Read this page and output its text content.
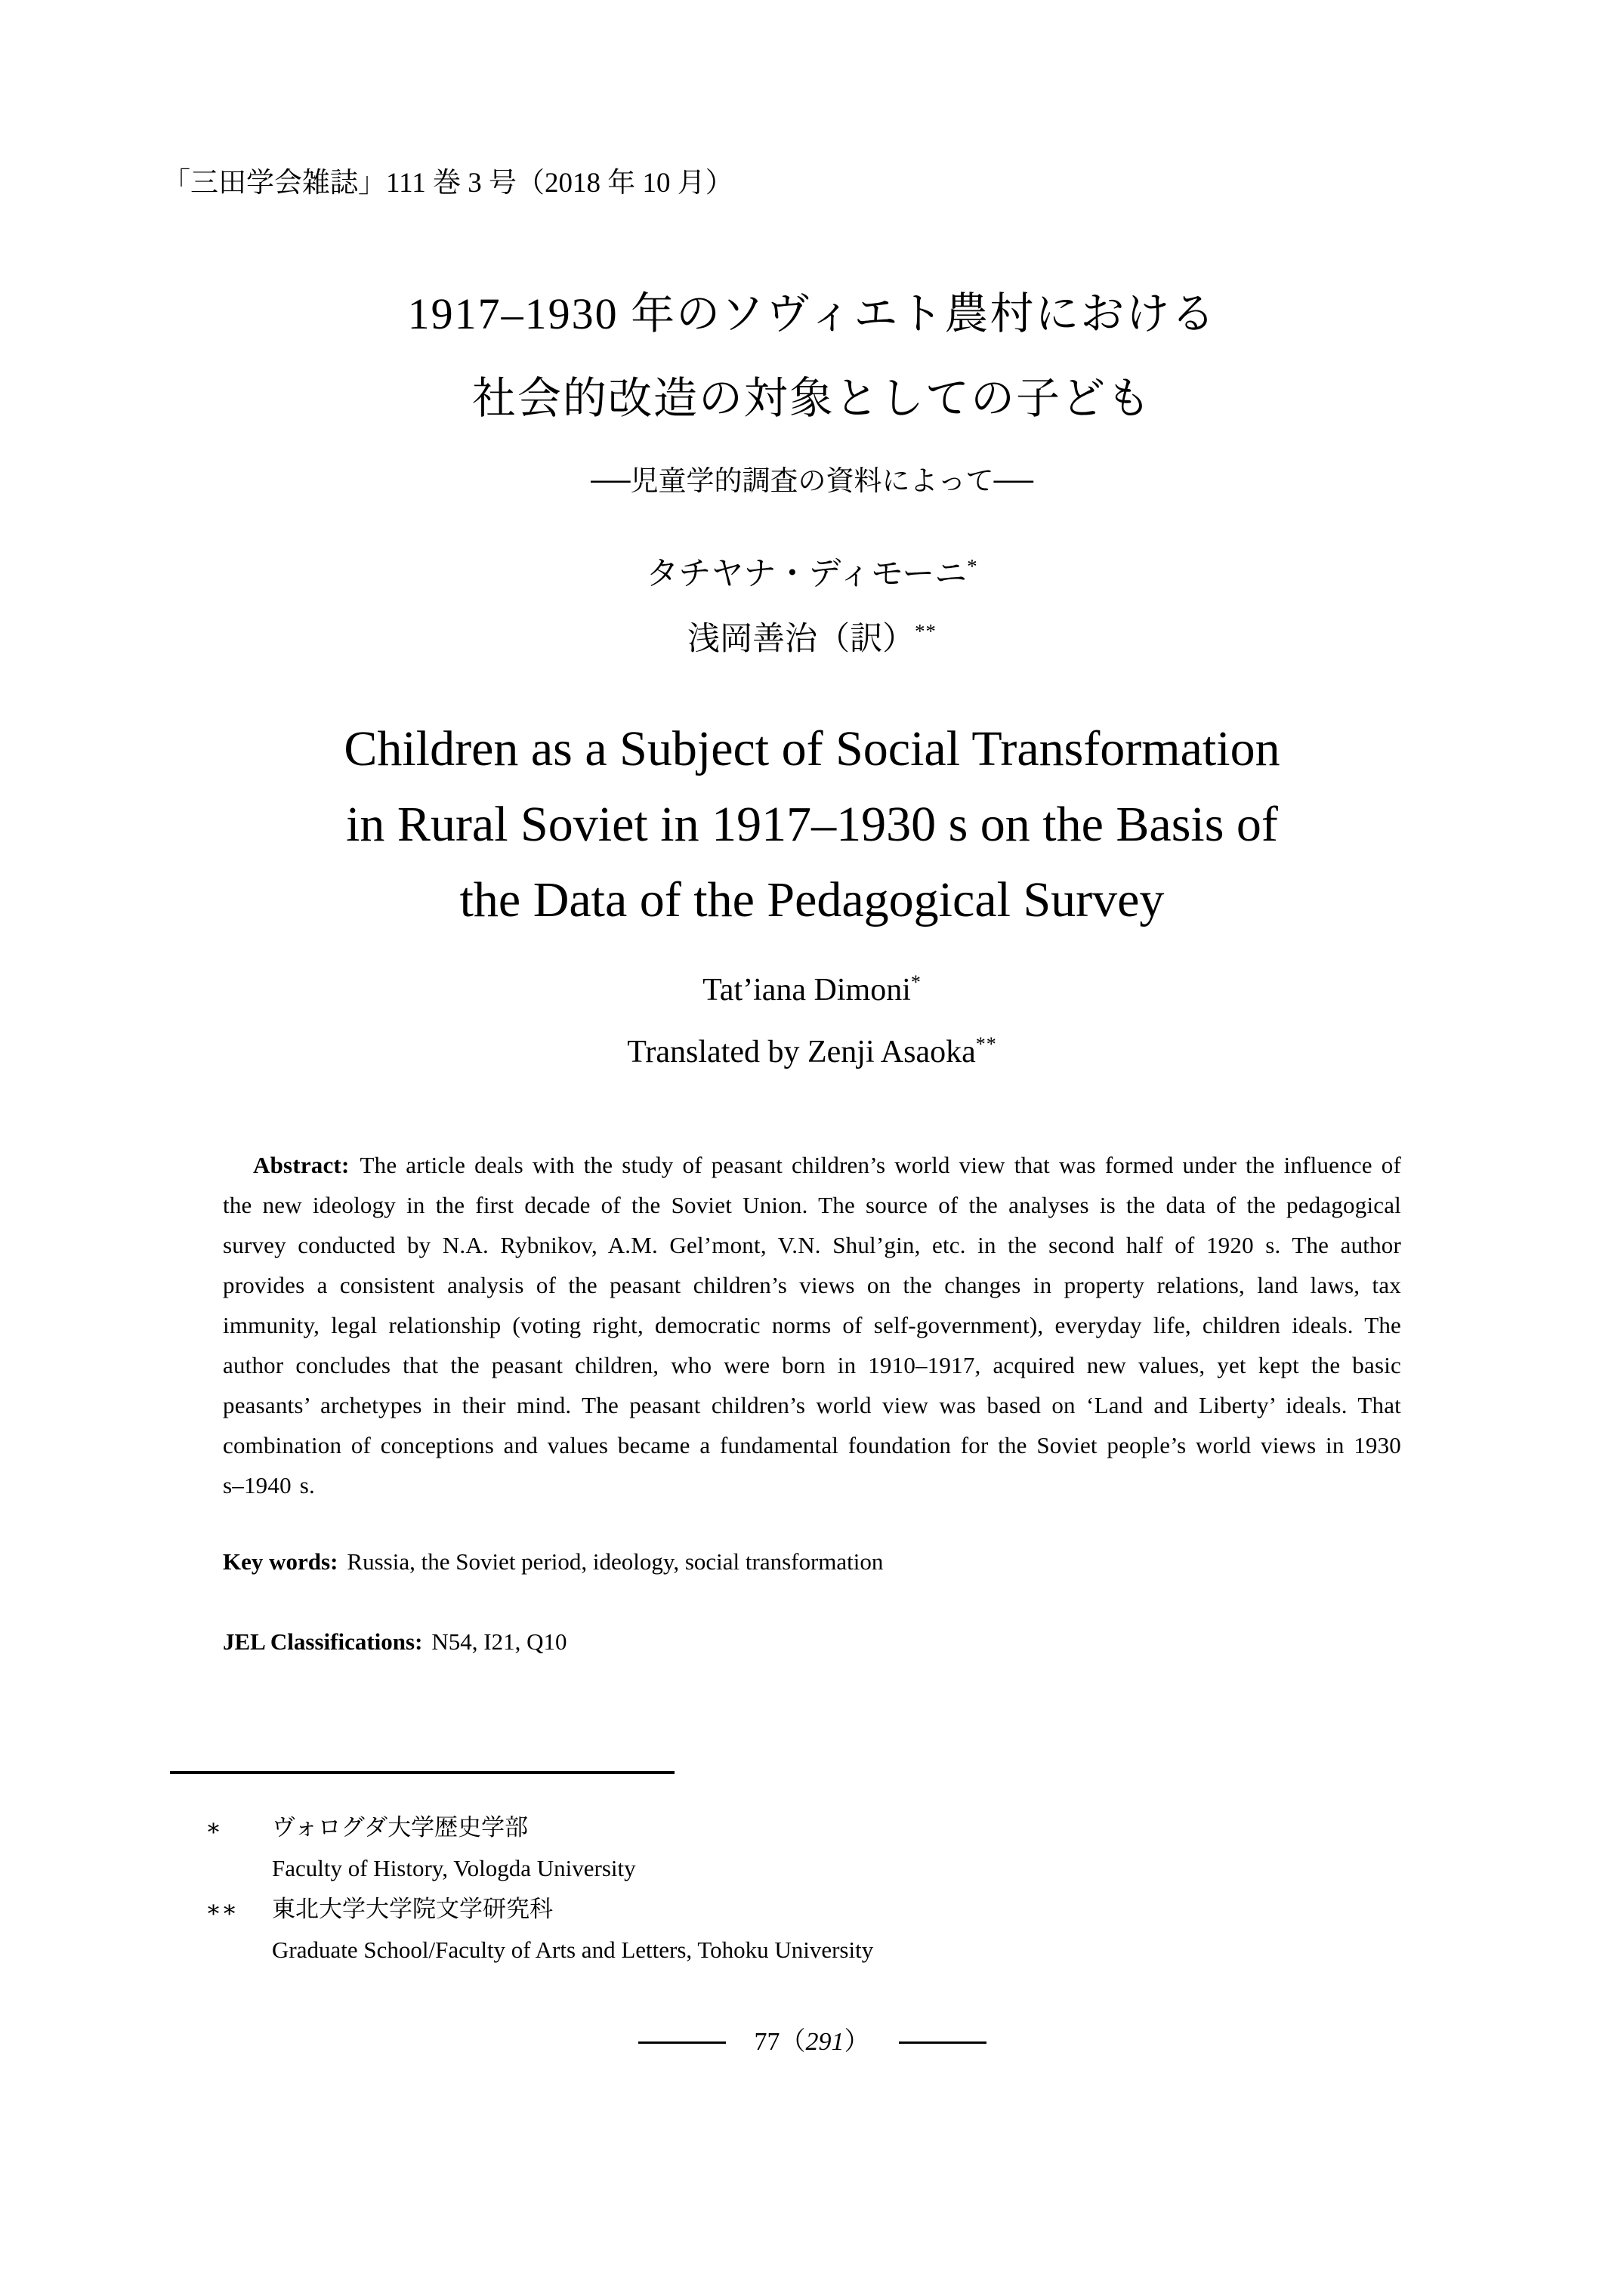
「三田学会雑誌」111 巻 3 号（2018 年 10 月）
1917–1930 年のソヴィエト農村における
社会的改造の対象としての子ども
──児童学的調査の資料によって──
タチヤナ・ディモーニ*
浅岡善治（訳）**
Children as a Subject of Social Transformation
in Rural Soviet in 1917–1930 s on the Basis of
the Data of the Pedagogical Survey
Tat’iana Dimoni*
Translated by Zenji Asaoka**

Abstract: The article deals with the study of peasant children’s world view that was formed under the influence of the new ideology in the first decade of the Soviet Union. The source of the analyses is the data of the pedagogical survey conducted by N.A. Rybnikov, A.M. Gel’mont, V.N. Shul’gin, etc. in the second half of 1920 s. The author provides a consistent analysis of the peasant children’s views on the changes in property relations, land laws, tax immunity, legal relationship (voting right, democratic norms of self-government), everyday life, children ideals. The author concludes that the peasant children, who were born in 1910–1917, acquired new values, yet kept the basic peasants’ archetypes in their mind. The peasant children’s world view was based on ‘Land and Liberty’ ideals. That combination of conceptions and values became a fundamental foundation for the Soviet people’s world views in 1930 s–1940 s.

Key words: Russia, the Soviet period, ideology, social transformation
JEL Classifications: N54, I21, Q10
∗ ヴォログダ大学歴史学部
Faculty of History, Vologda University
∗∗ 東北大学大学院文学研究科
Graduate School/Faculty of Arts and Letters, Tohoku University
77（291）
